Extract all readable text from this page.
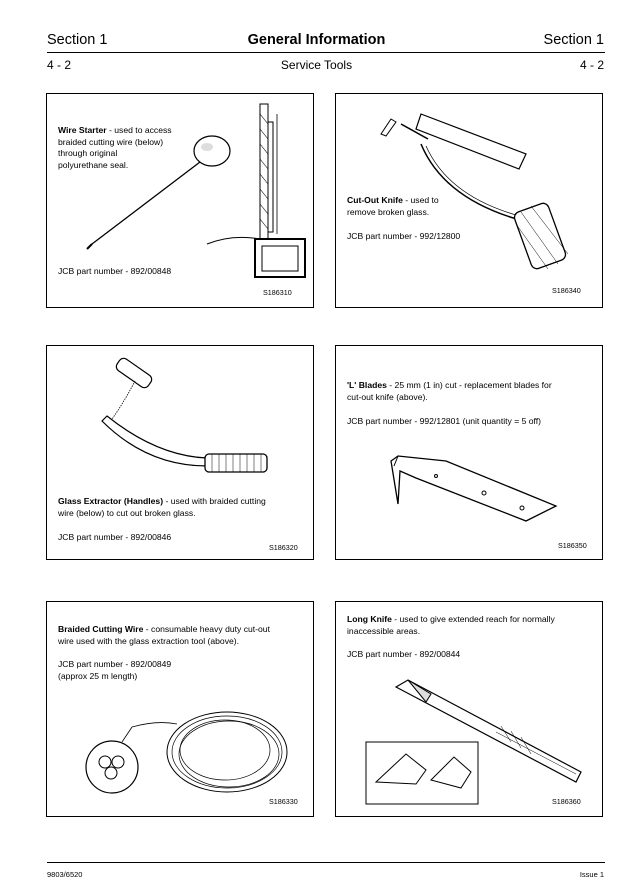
Section 1	General Information	Section 1
4 - 2	Service Tools	4 - 2
Wire Starter - used to access
braided cutting wire (below)
through original
polyurethane seal.
JCB part number - 892/00848
S186310
Cut-Out Knife - used to
remove broken glass.
JCB part number - 992/12800
S186340
Glass Extractor (Handles) - used with braided cutting
wire (below) to cut out broken glass.
JCB part number - 892/00846
S186320
'L' Blades - 25 mm (1 in) cut - replacement blades for
cut-out knife (above).
JCB part number - 992/12801 (unit quantity = 5 off)
S186350
Braided Cutting Wire - consumable heavy duty cut-out
wire used with the glass extraction tool (above).
JCB part number - 892/00849
(approx 25 m length)
S186330
Long Knife - used to give extended reach for normally
inaccessible areas.
JCB part number - 892/00844
S186360
9803/6520	Issue 1
